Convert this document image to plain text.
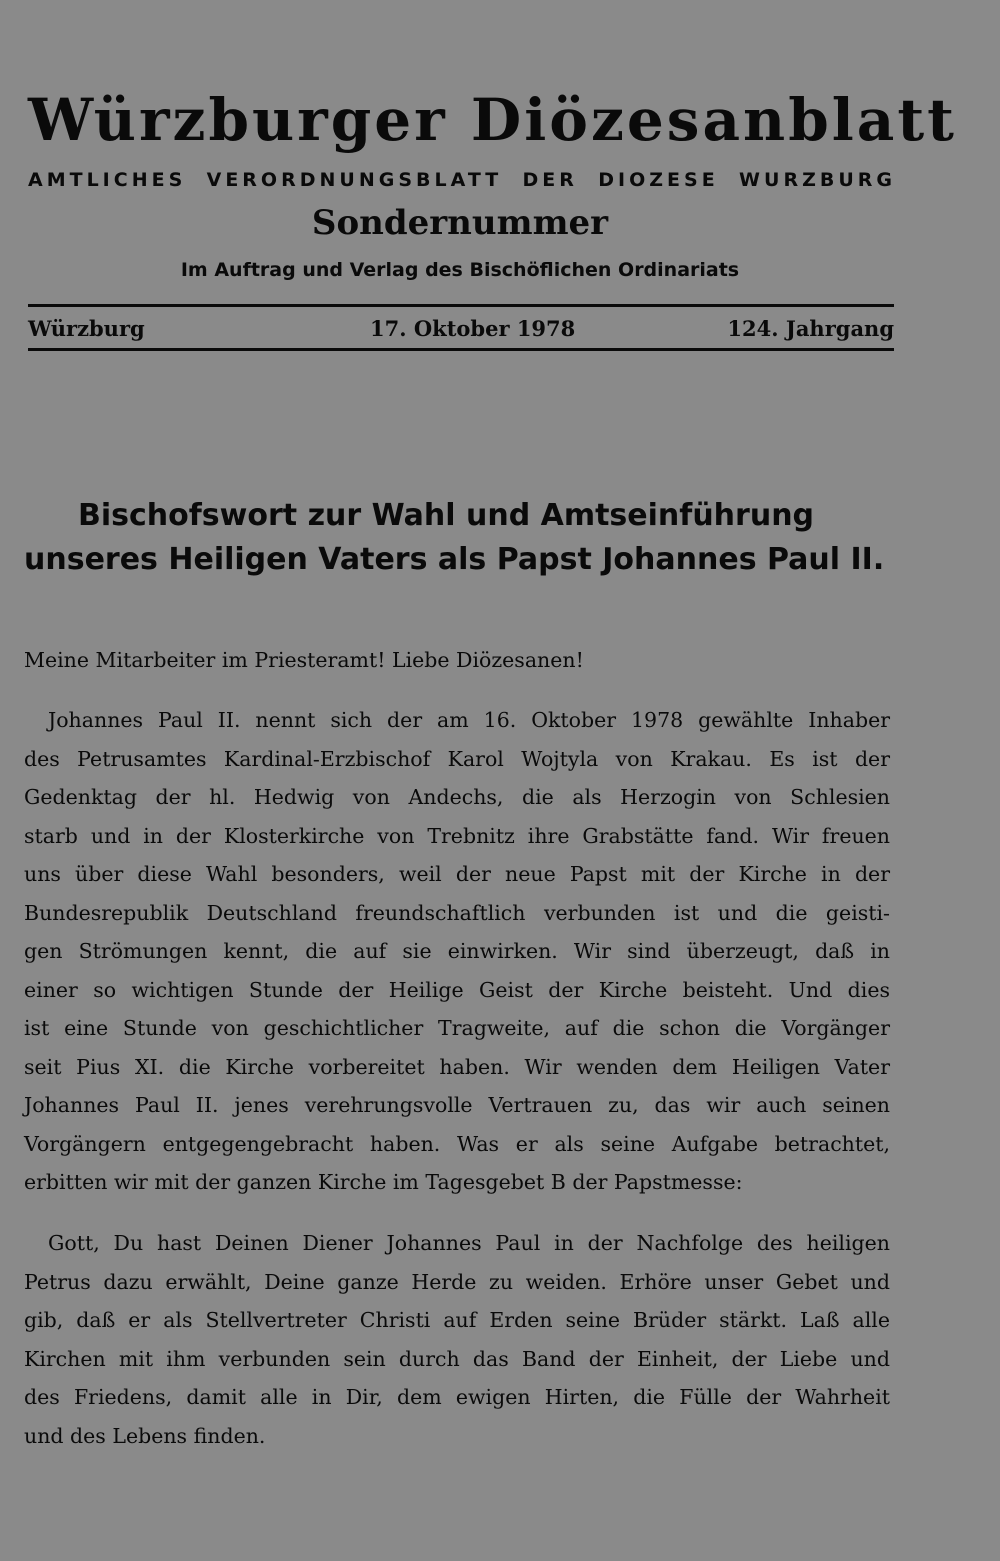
Würzburger Diözesanblatt
AMTLICHES VERORDNUNGSBLATT DER DIOZESE WURZBURG
Sondernummer
Im Auftrag und Verlag des Bischöflichen Ordinariats
Würzburg	17. Oktober 1978	124. Jahrgang
Bischofswort zur Wahl und Amtseinführung
unseres Heiligen Vaters als Papst Johannes Paul II.
Meine Mitarbeiter im Priesteramt! Liebe Diözesanen!
Johannes Paul II. nennt sich der am 16. Oktober 1978 gewählte Inhaber
des Petrusamtes Kardinal-Erzbischof Karol Wojtyla von Krakau. Es ist der
Gedenktag der hl. Hedwig von Andechs, die als Herzogin von Schlesien
starb und in der Klosterkirche von Trebnitz ihre Grabstätte fand. Wir freuen
uns über diese Wahl besonders, weil der neue Papst mit der Kirche in der
Bundesrepublik Deutschland freundschaftlich verbunden ist und die geisti-
gen Strömungen kennt, die auf sie einwirken. Wir sind überzeugt, daß in
einer so wichtigen Stunde der Heilige Geist der Kirche beisteht. Und dies
ist eine Stunde von geschichtlicher Tragweite, auf die schon die Vorgänger
seit Pius XI. die Kirche vorbereitet haben. Wir wenden dem Heiligen Vater
Johannes Paul II. jenes verehrungsvolle Vertrauen zu, das wir auch seinen
Vorgängern entgegengebracht haben. Was er als seine Aufgabe betrachtet,
erbitten wir mit der ganzen Kirche im Tagesgebet B der Papstmesse:
Gott, Du hast Deinen Diener Johannes Paul in der Nachfolge des heiligen
Petrus dazu erwählt, Deine ganze Herde zu weiden. Erhöre unser Gebet und
gib, daß er als Stellvertreter Christi auf Erden seine Brüder stärkt. Laß alle
Kirchen mit ihm verbunden sein durch das Band der Einheit, der Liebe und
des Friedens, damit alle in Dir, dem ewigen Hirten, die Fülle der Wahrheit
und des Lebens finden.
